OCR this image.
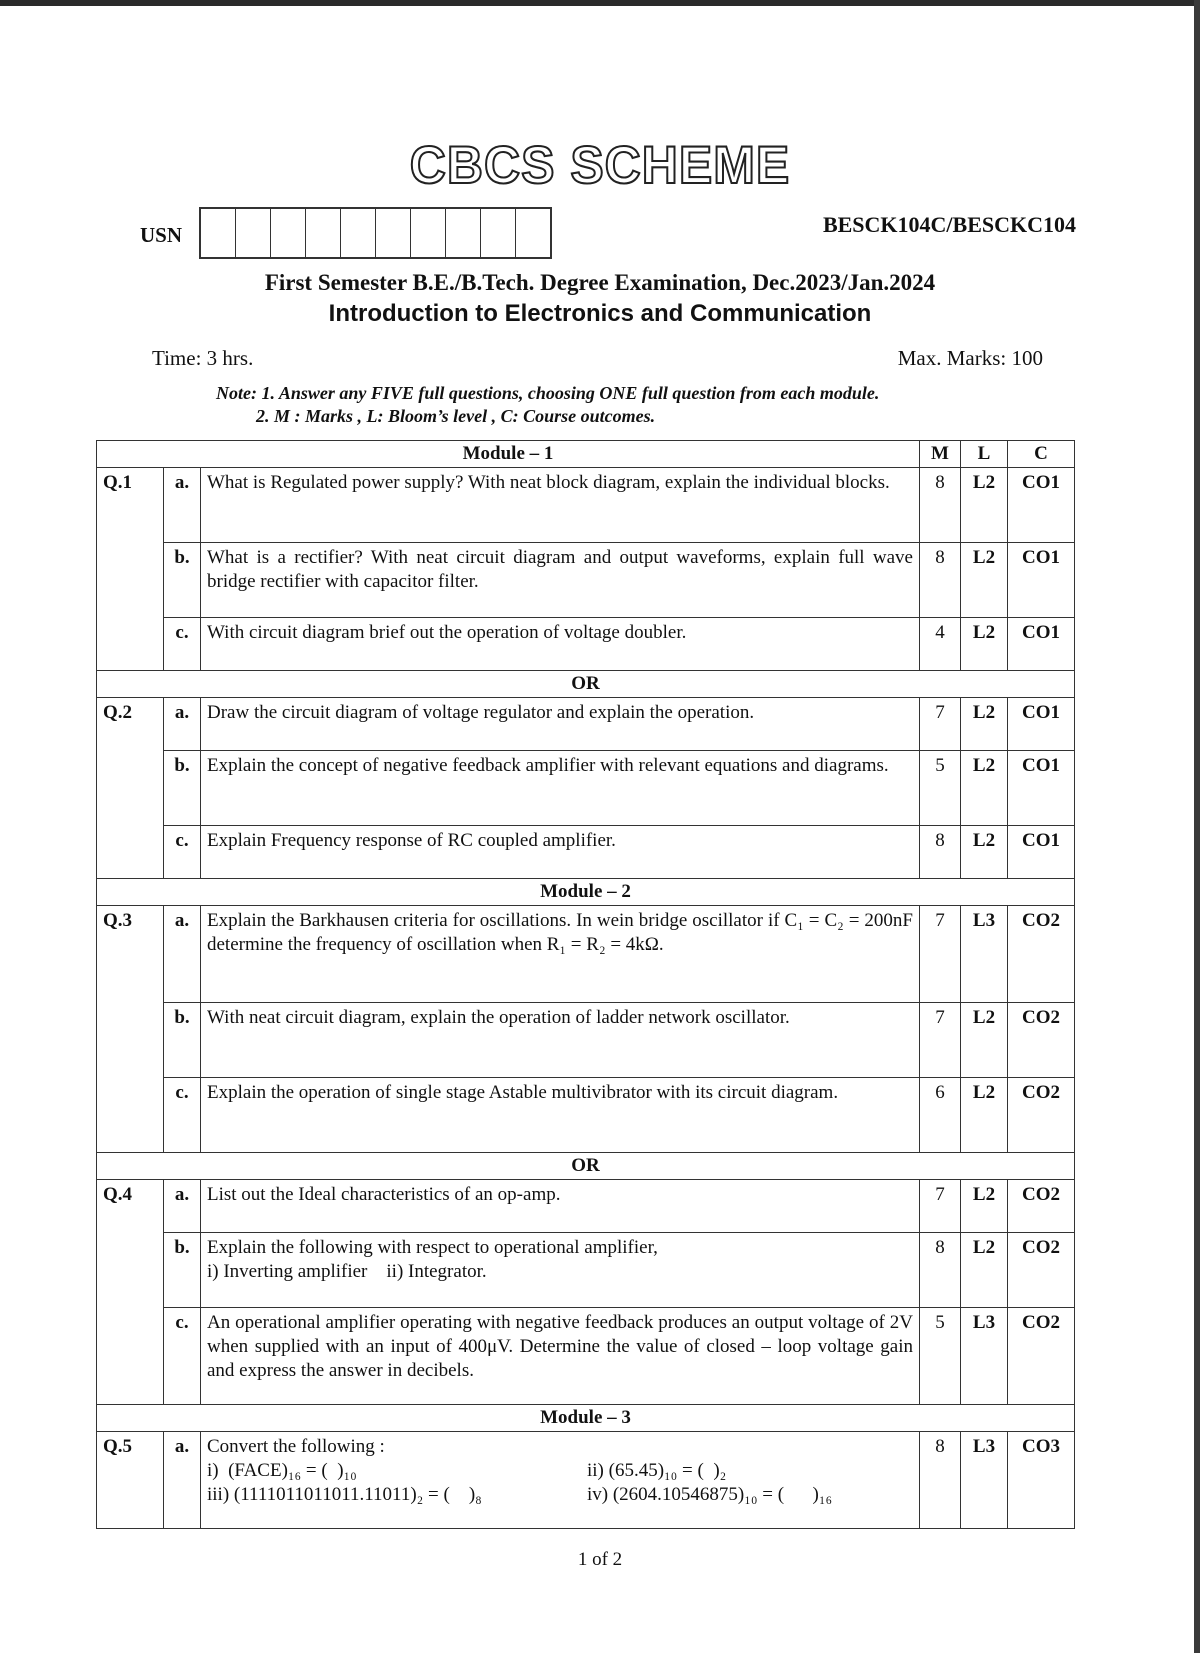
CBCS SCHEME
USN	BESCK104C/BESCKC104
First Semester B.E./B.Tech. Degree Examination, Dec.2023/Jan.2024
Introduction to Electronics and Communication
Time: 3 hrs.	Max. Marks: 100
Note: 1. Answer any FIVE full questions, choosing ONE full question from each module.
2. M : Marks , L: Bloom’s level , C: Course outcomes.
Module – 1			M	L	C
Q.1	a.	What is Regulated power supply? With neat block diagram, explain the individual blocks.	8	L2	CO1
	b.	What is a rectifier? With neat circuit diagram and output waveforms, explain full wave bridge rectifier with capacitor filter.	8	L2	CO1
	c.	With circuit diagram brief out the operation of voltage doubler.	4	L2	CO1
OR					
Q.2	a.	Draw the circuit diagram of voltage regulator and explain the operation.	7	L2	CO1
	b.	Explain the concept of negative feedback amplifier with relevant equations and diagrams.	5	L2	CO1
	c.	Explain Frequency response of RC coupled amplifier.	8	L2	CO1
Module – 2					
Q.3	a.	Explain the Barkhausen criteria for oscillations. In wein bridge oscillator if C₁ = C₂ = 200nF determine the frequency of oscillation when R₁ = R₂ = 4kΩ.	7	L3	CO2
	b.	With neat circuit diagram, explain the operation of ladder network oscillator.	7	L2	CO2
	c.	Explain the operation of single stage Astable multivibrator with its circuit diagram.	6	L2	CO2
OR					
Q.4	a.	List out the Ideal characteristics of an op-amp.	7	L2	CO2
	b.	Explain the following with respect to operational amplifier,
i) Inverting amplifier    ii) Integrator.	8	L2	CO2
	c.	An operational amplifier operating with negative feedback produces an output voltage of 2V when supplied with an input of 400μV. Determine the value of closed – loop voltage gain and express the answer in decibels.	5	L3	CO2
Module – 3					
Q.5	a.	Convert the following :
i)  (FACE)₁₆ = (  )₁₀ ii) (65.45)₁₀ = (  )₂
iii) (1111011011011.11011)₂ = (    )₈ iv) (2604.10546875)₁₀ = (      )₁₆	8	L3	CO3
1 of 2
